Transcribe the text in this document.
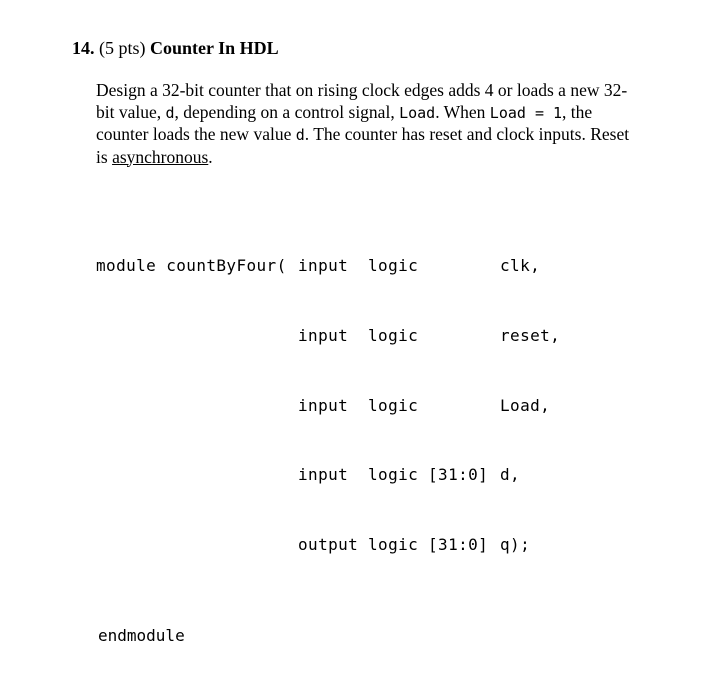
14. (5 pts) Counter In HDL
Design a 32-bit counter that on rising clock edges adds 4 or loads a new 32-
bit value, d, depending on a control signal, Load. When Load = 1, the
counter loads the new value d. The counter has reset and clock inputs. Reset
is asynchronous.

module countByFour( input logic	clk,

input logic	reset,

input logic	Load,

input logic [31:0] d,

output logic [31:0] q);

endmodule
